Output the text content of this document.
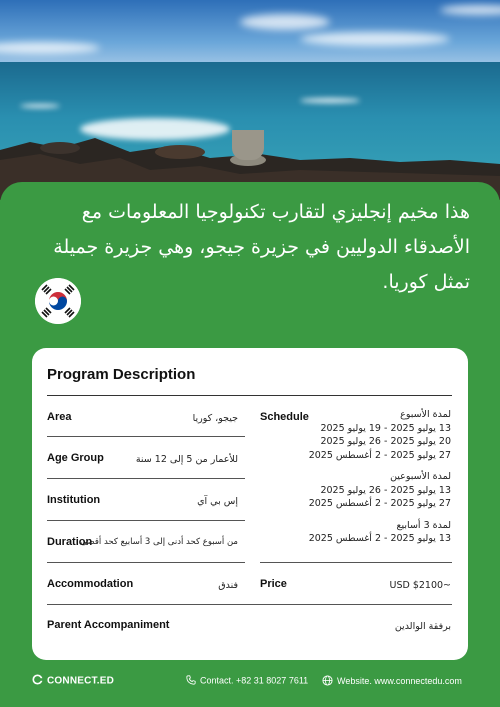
هذا مخيم إنجليزي لتقارب تكنولوجيا المعلومات مع الأصدقاء الدوليين في جزيرة جيجو، وهي جزيرة جميلة تمثل كوريا.
Program Description
Area	جيجو، كوريا
Age Group	للأعمار من 5 إلى 12 سنة
Institution	إس بي آي
Duration
من أسبوع كحد أدنى إلى 3 أسابيع كحد أقصى
Accommodation	فندق
Parent Accompaniment	برفقة الوالدين
Schedule	لمدة الأسبوع
13 يوليو 2025 - 19 يوليو 2025
20 يوليو 2025 - 26 يوليو 2025
27 يوليو 2025 - 2 أغسطس 2025
لمدة الأسبوعين
13 يوليو 2025 - 26 يوليو 2025
27 يوليو 2025 - 2 أغسطس 2025
لمدة 3 أسابيع
13 يوليو 2025 - 2 أغسطس 2025
Price	USD $2100~
CONNECT.ED	Contact. +82 31 8027 7611	Website. www.connectedu.com
